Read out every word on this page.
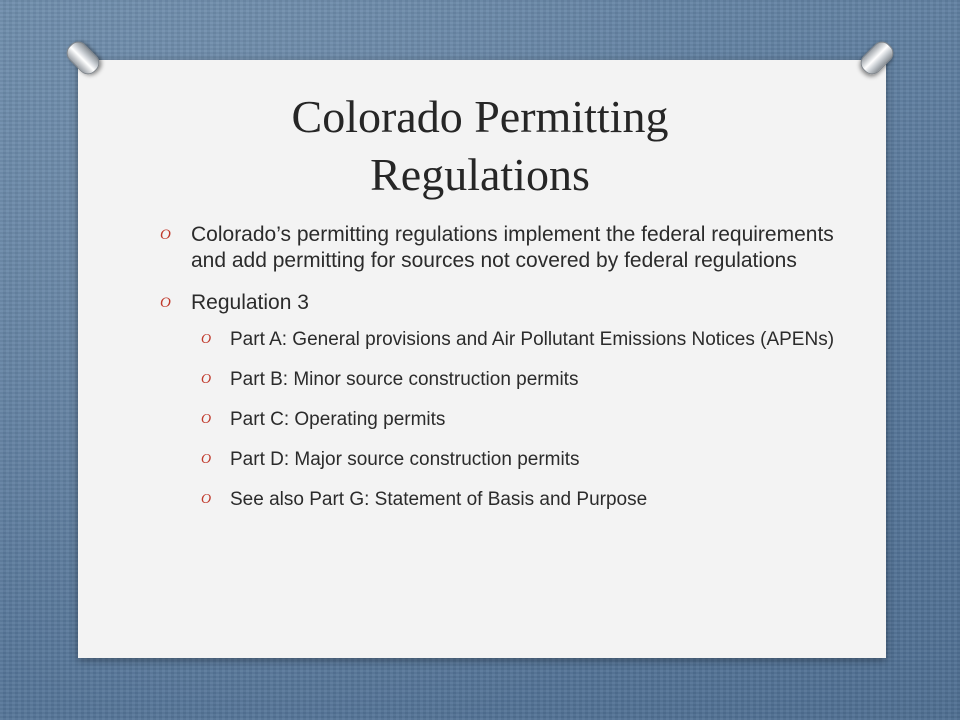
Colorado Permitting
Regulations
O Colorado’s permitting regulations implement the federal requirements and add permitting for sources not covered by federal regulations
O Regulation 3
O Part A: General provisions and Air Pollutant Emissions Notices (APENs)
O Part B: Minor source construction permits
O Part C: Operating permits
O Part D: Major source construction permits
O See also Part G: Statement of Basis and Purpose
